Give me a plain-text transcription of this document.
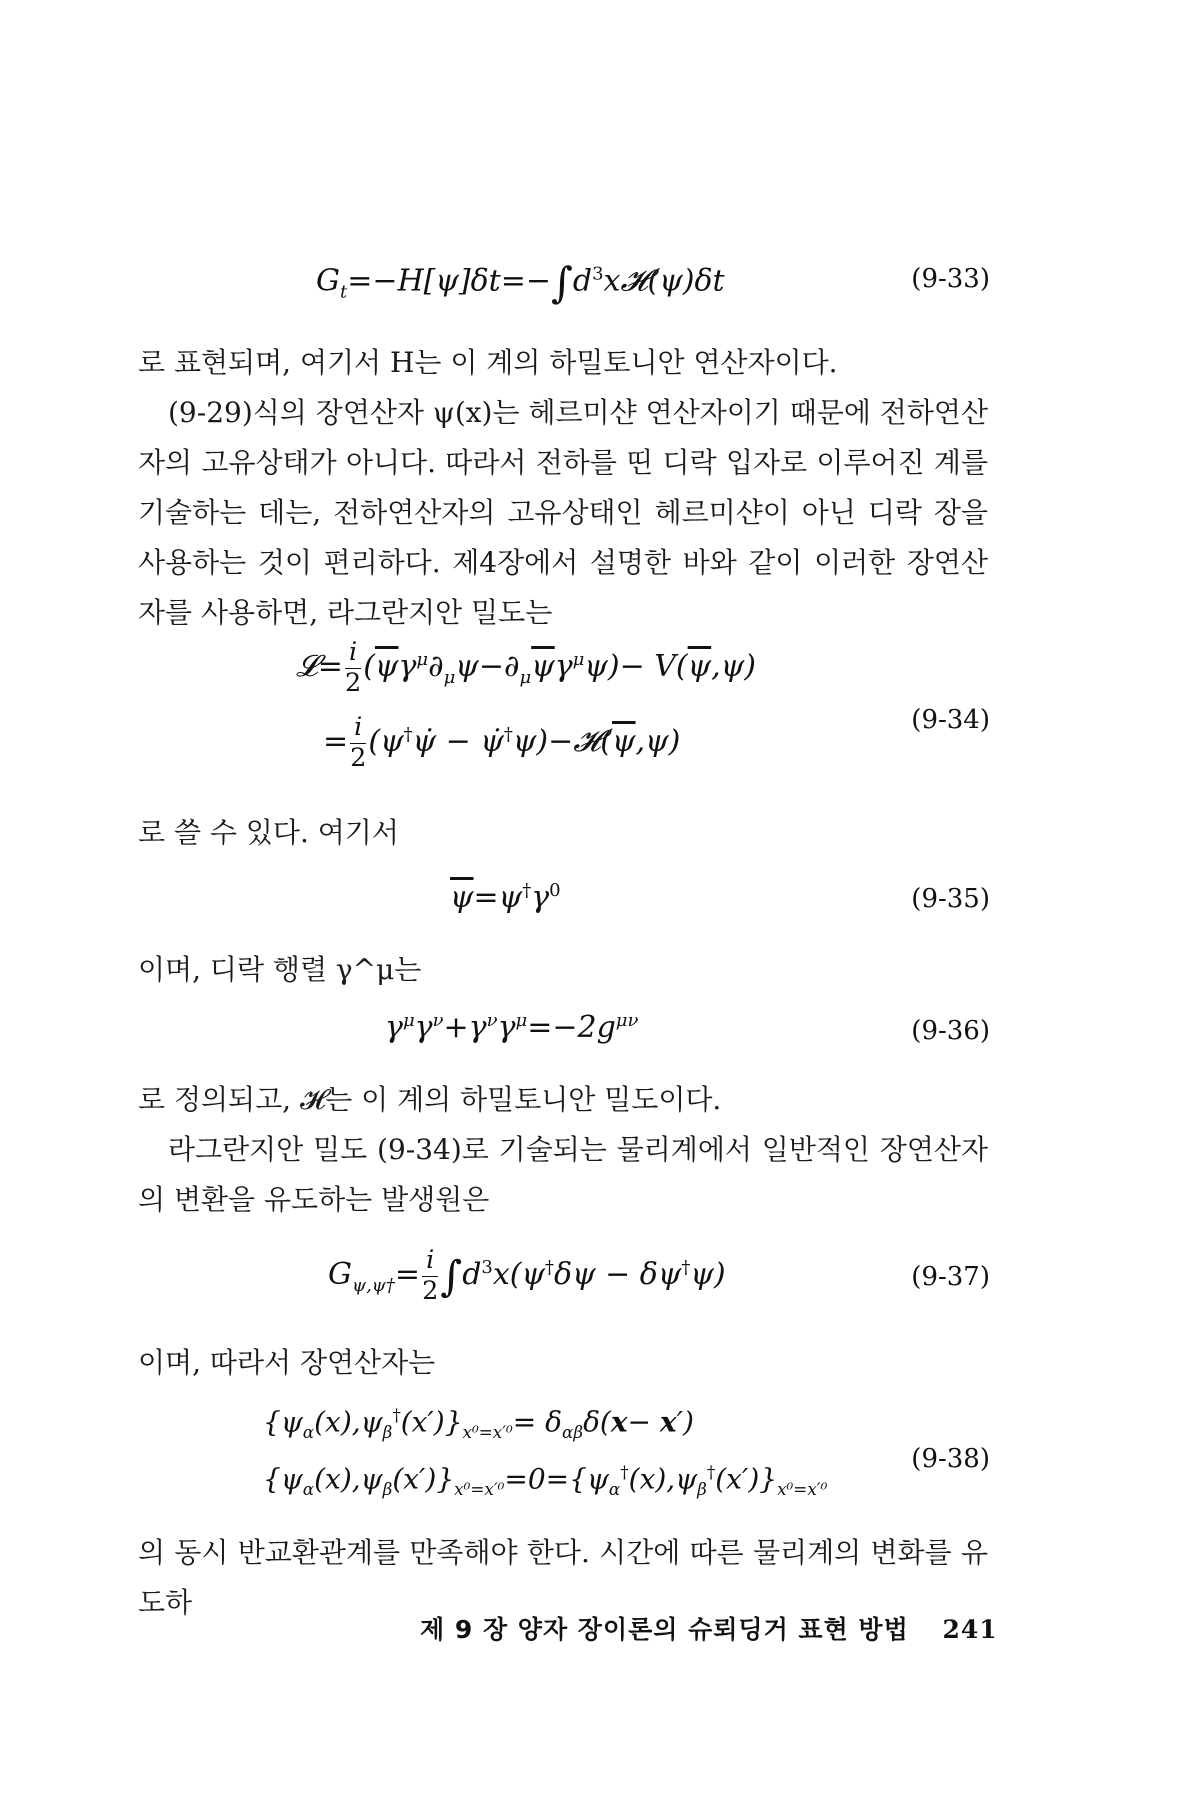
$G_t=-H[\psi]\delta t=-\int d^3x𝓗(\psi)\delta t$	(9-33)

로 표현되며, 여기서 H는 이 계의 하밀토니안 연산자이다.

(9-29)식의 장연산자 ψ(x)는 헤르미샨 연산자이기 때문에 전하연산자의 고유상태가 아니다. 따라서 전하를 띤 디락 입자로 이루어진 계를 기술하는 데는, 전하연산자의 고유상태인 헤르미샨이 아닌 디락 장을 사용하는 것이 편리하다. 제4장에서 설명한 바와 같이 이러한 장연산자를 사용하면, 라그란지안 밀도는

𝓛= $\frac{i}{2} (\overline{\psi}\gamma^\mu\partial_\mu\psi-\partial_\mu\overline{\psi}\gamma^\mu\psi)- V(\overline{\psi},\psi)$
= $\frac{i}{2}$ (ψ†ψ̇ − $\psi̇^\dagger\psi)-𝓗(\overline{\psi},\psi)$
(9-34)

로 쓸 수 있다. 여기서

$\overline{\psi}=\psi^\dagger\gamma^0$	(9-35)

이며, 디락 행렬 γ^μ는

$\gamma^\mu\gamma^\nu+\gamma^\nu\gamma^\mu=-2g^{\mu\nu}$	(9-36)

로 정의되고, 𝓗는 이 계의 하밀토니안 밀도이다.

라그란지안 밀도 (9-34)로 기술되는 물리계에서 일반적인 장연산자의 변환을 유도하는 발생원은

$G_{\psi,\psi\dagger}= \frac{i}{2} \int d^3x(\psi^\dagger\delta\psi - \delta\psi^\dagger\psi)$	(9-37)

이며, 따라서 장연산자는

$\{\psi_\alpha(x),\psi_\beta^\dagger(x')\}_{x^0=x'^0}= \delta_{\alpha\beta}\delta(x- x')$
$\{\psi_\alpha(x),\psi_\beta(x')\}_{x^0=x'^0}=0=\{\psi_\alpha^\dagger(x),\psi_\beta^\dagger(x')\}_{x^0=x'^0}$
(9-38)

의 동시 반교환관계를 만족해야 한다. 시간에 따른 물리계의 변화를 유도하

제 9 장 양자 장이론의 슈뢰딩거 표현 방법 241
